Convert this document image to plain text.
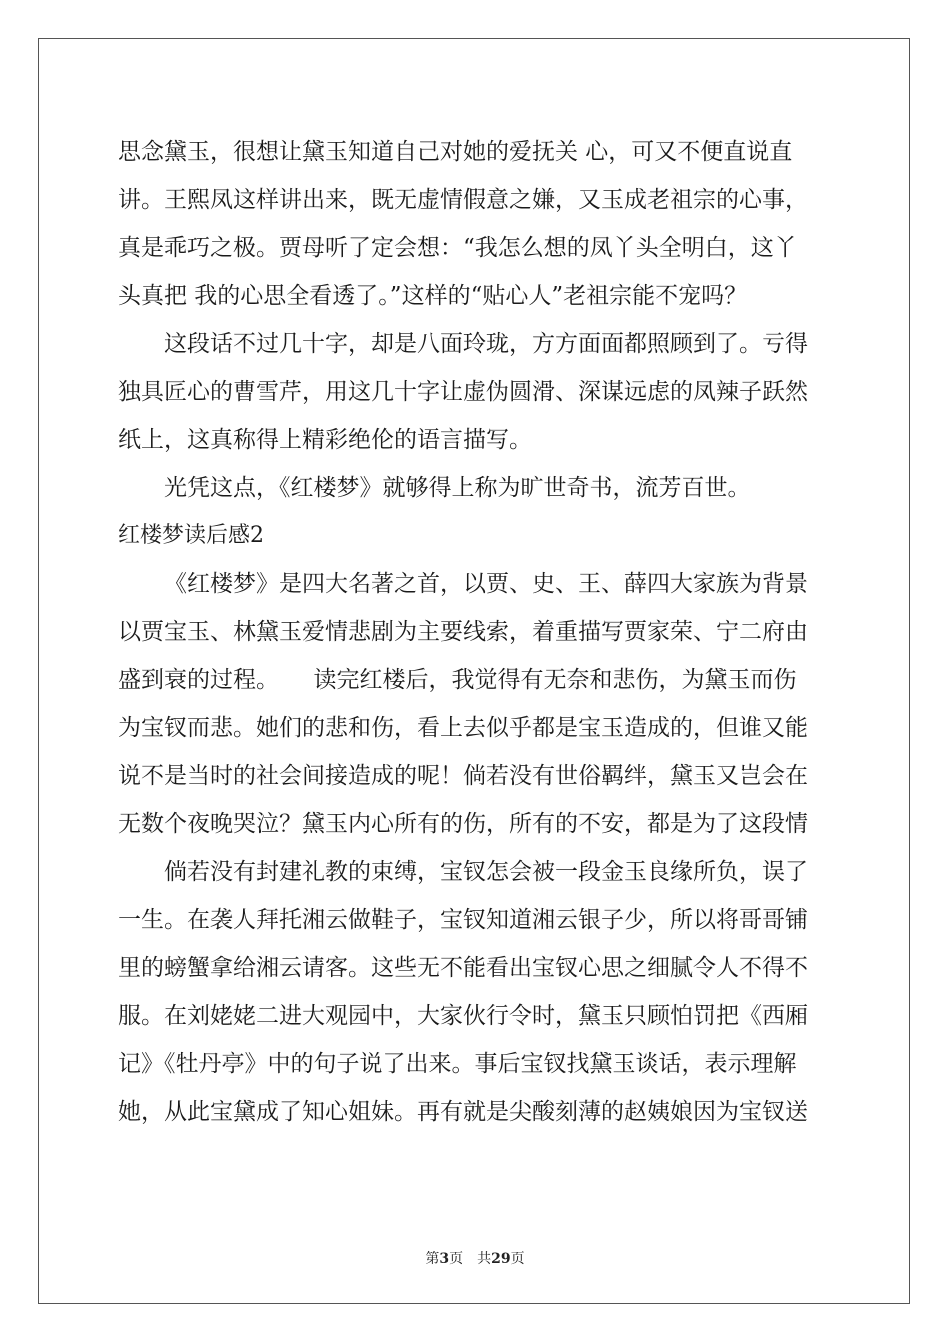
思念黛玉，很想让黛玉知道自己对她的爱抚关 心，可又不便直说直
讲。王熙凤这样讲出来，既无虚情假意之嫌，又玉成老祖宗的心事，
真是乖巧之极。贾母听了定会想：“我怎么想的凤丫头全明白，这丫
头真把 我的心思全看透了。”这样的“贴心人”老祖宗能不宠吗？
这段话不过几十字，却是八面玲珑，方方面面都照顾到了。亏得
独具匠心的曹雪芹，用这几十字让虚伪圆滑、深谋远虑的凤辣子跃然
纸上，这真称得上精彩绝伦的语言描写。
光凭这点，《红楼梦》就够得上称为旷世奇书，流芳百世。
红楼梦读后感2
《红楼梦》是四大名著之首，以贾、史、王、薛四大家族为背景
以贾宝玉、林黛玉爱情悲剧为主要线索，着重描写贾家荣、宁二府由
盛到衰的过程。　　读完红楼后，我觉得有无奈和悲伤，为黛玉而伤
为宝钗而悲。她们的悲和伤，看上去似乎都是宝玉造成的，但谁又能
说不是当时的社会间接造成的呢！倘若没有世俗羁绊，黛玉又岂会在
无数个夜晚哭泣？黛玉内心所有的伤，所有的不安，都是为了这段情
倘若没有封建礼教的束缚，宝钗怎会被一段金玉良缘所负，误了
一生。在袭人拜托湘云做鞋子，宝钗知道湘云银子少，所以将哥哥铺
里的螃蟹拿给湘云请客。这些无不能看出宝钗心思之细腻令人不得不
服。在刘姥姥二进大观园中，大家伙行令时，黛玉只顾怕罚把《西厢
记》《牡丹亭》中的句子说了出来。事后宝钗找黛玉谈话，表示理解
她，从此宝黛成了知心姐妹。再有就是尖酸刻薄的赵姨娘因为宝钗送
第3页 共29页
